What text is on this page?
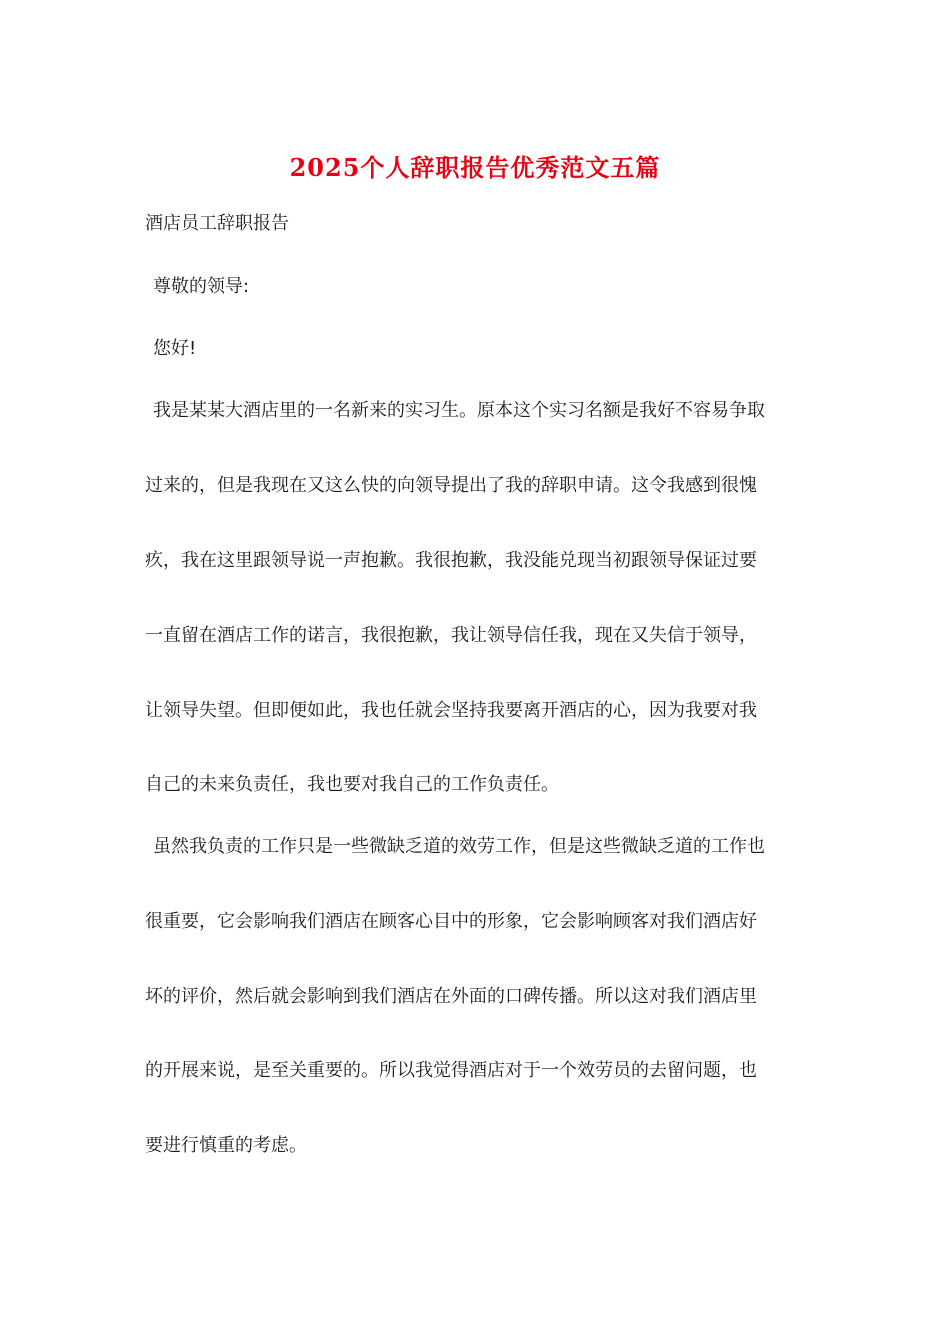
2025个人辞职报告优秀范文五篇
酒店员工辞职报告
尊敬的领导:
您好!
我是某某大酒店里的一名新来的实习生。原本这个实习名额是我好不容易争取
过来的，但是我现在又这么快的向领导提出了我的辞职申请。这令我感到很愧
疚，我在这里跟领导说一声抱歉。我很抱歉，我没能兑现当初跟领导保证过要
一直留在酒店工作的诺言，我很抱歉，我让领导信任我，现在又失信于领导，
让领导失望。但即便如此，我也任就会坚持我要离开酒店的心，因为我要对我
自己的未来负责任，我也要对我自己的工作负责任。
虽然我负责的工作只是一些微缺乏道的效劳工作，但是这些微缺乏道的工作也
很重要，它会影响我们酒店在顾客心目中的形象，它会影响顾客对我们酒店好
坏的评价，然后就会影响到我们酒店在外面的口碑传播。所以这对我们酒店里
的开展来说，是至关重要的。所以我觉得酒店对于一个效劳员的去留问题，也
要进行慎重的考虑。
